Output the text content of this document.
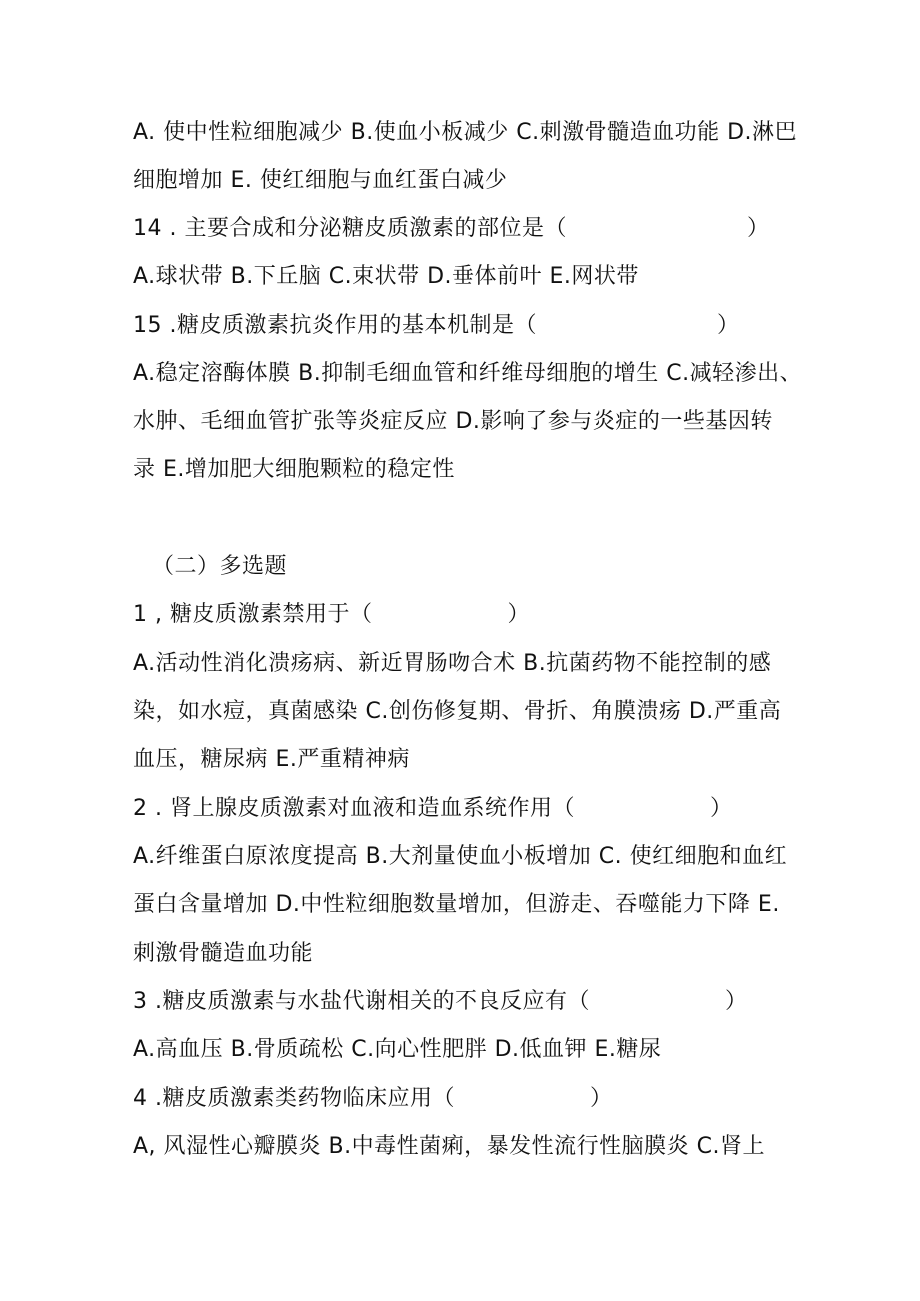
A. 使中性粒细胞减少 B.使血小板减少 C.刺激骨髓造血功能 D.淋巴
细胞增加 E. 使红细胞与血红蛋白减少
14 . 主要合成和分泌糖皮质激素的部位是（　　　　　　　　）
A.球状带 B.下丘脑 C.束状带 D.垂体前叶 E.网状带
15 .糖皮质激素抗炎作用的基本机制是（　　　　　　　　）
A.稳定溶酶体膜 B.抑制毛细血管和纤维母细胞的增生 C.减轻渗出、
水肿、毛细血管扩张等炎症反应 D.影响了参与炎症的一些基因转
录 E.增加肥大细胞颗粒的稳定性
（二）多选题
1 , 糖皮质激素禁用于（　　　　　　）
A.活动性消化溃疡病、新近胃肠吻合术 B.抗菌药物不能控制的感
染，如水痘，真菌感染 C.创伤修复期、骨折、角膜溃疡 D.严重高
血压，糖尿病 E.严重精神病
2 . 肾上腺皮质激素对血液和造血系统作用（　　　　　　）
A.纤维蛋白原浓度提高 B.大剂量使血小板增加 C. 使红细胞和血红
蛋白含量增加 D.中性粒细胞数量增加，但游走、吞噬能力下降 E.
刺激骨髓造血功能
3 .糖皮质激素与水盐代谢相关的不良反应有（　　　　　　）
A.高血压 B.骨质疏松 C.向心性肥胖 D.低血钾 E.糖尿
4 .糖皮质激素类药物临床应用（　　　　　　）
A, 风湿性心瓣膜炎 B.中毒性菌痢，暴发性流行性脑膜炎 C.肾上
